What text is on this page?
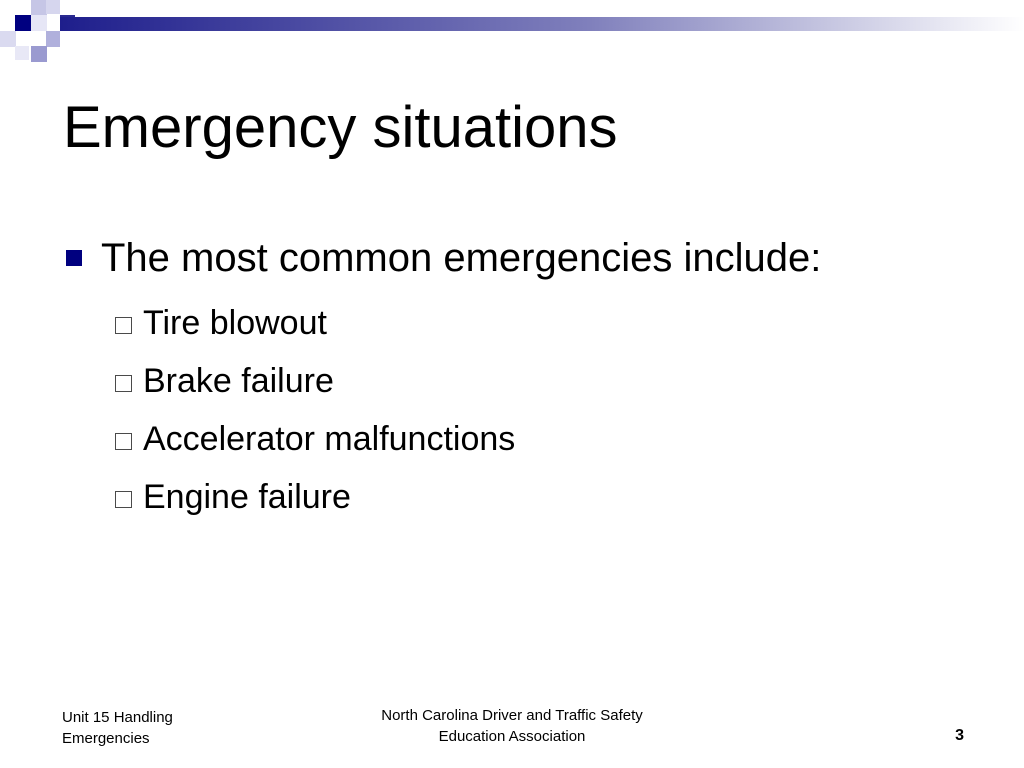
Emergency situations
The most common emergencies include:
Tire blowout
Brake failure
Accelerator malfunctions
Engine failure
Unit 15 Handling
Emergencies
North Carolina Driver and Traffic Safety
Education Association	3
